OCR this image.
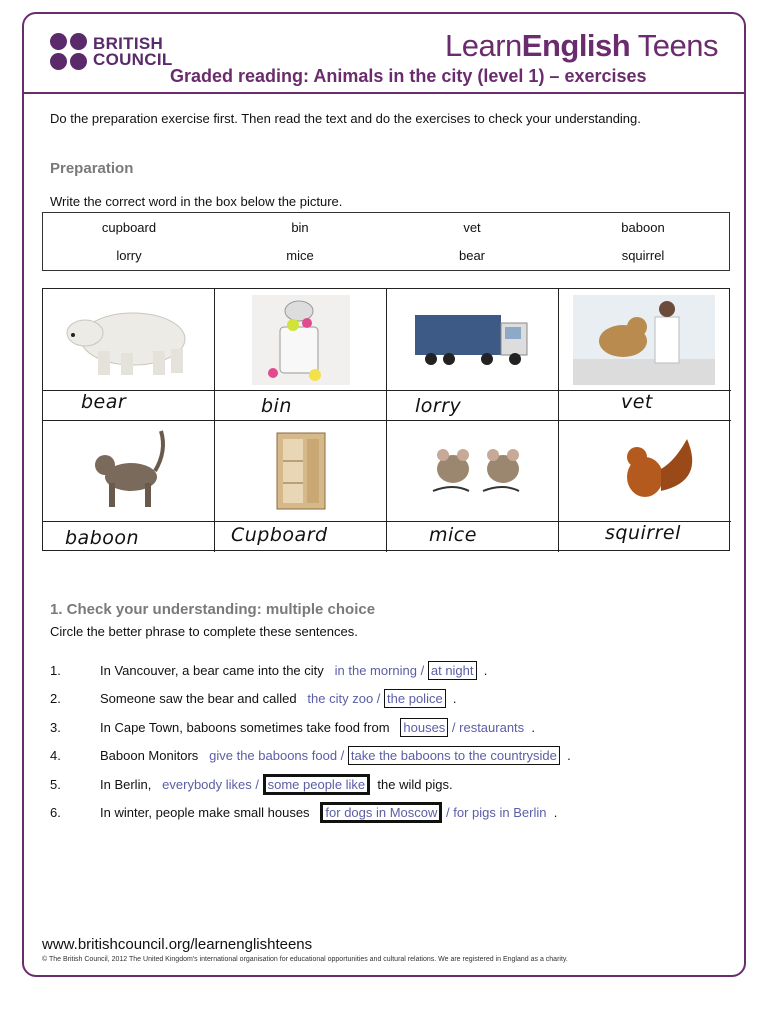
BRITISH
COUNCIL	LearnEnglish Teens
Graded reading: Animals in the city (level 1) – exercises
Do the preparation exercise first. Then read the text and do the exercises to check your understanding.
Preparation
Write the correct word in the box below the picture.
cupboard	bin	vet	baboon
lorry	mice	bear	squirrel
bear	bin	lorry	vet
baboon	Cupboard	mice	squirrel
1. Check your understanding: multiple choice
Circle the better phrase to complete these sentences.
1.	In Vancouver, a bear came into the city in the morning / at night .
2.	Someone saw the bear and called the city zoo / the police .
3.	In Cape Town, baboons sometimes take food from houses / restaurants .
4.	Baboon Monitors give the baboons food / take the baboons to the countryside .
5.	In Berlin, everybody likes / some people like the wild pigs.
6.	In winter, people make small houses for dogs in Moscow / for pigs in Berlin .
www.britishcouncil.org/learnenglishteens
© The British Council, 2012 The United Kingdom's international organisation for educational opportunities and cultural relations. We are registered in England as a charity.
